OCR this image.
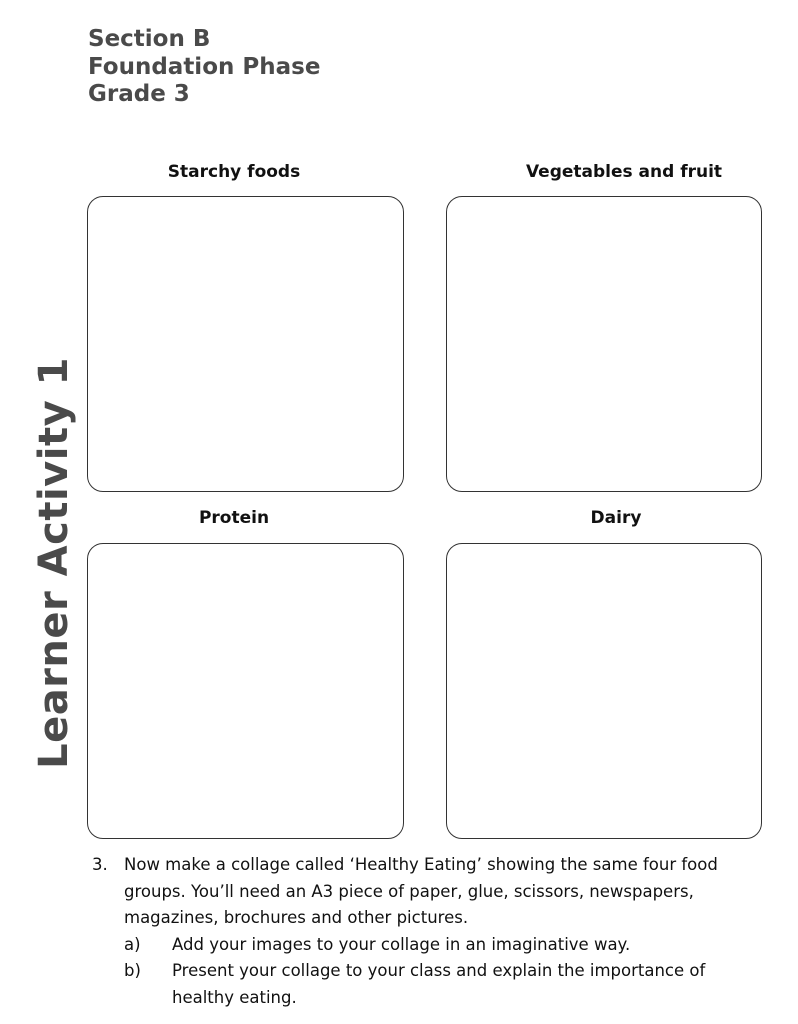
Section B
Foundation Phase
Grade 3
Learner Activity 1
Starchy foods	Vegetables and fruit
Protein	Dairy
3. Now make a collage called ‘Healthy Eating’ showing the same four food groups. You’ll need an A3 piece of paper, glue, scissors, newspapers, magazines, brochures and other pictures.
a)	Add your images to your collage in an imaginative way.
b)	Present your collage to your class and explain the importance of healthy eating.
